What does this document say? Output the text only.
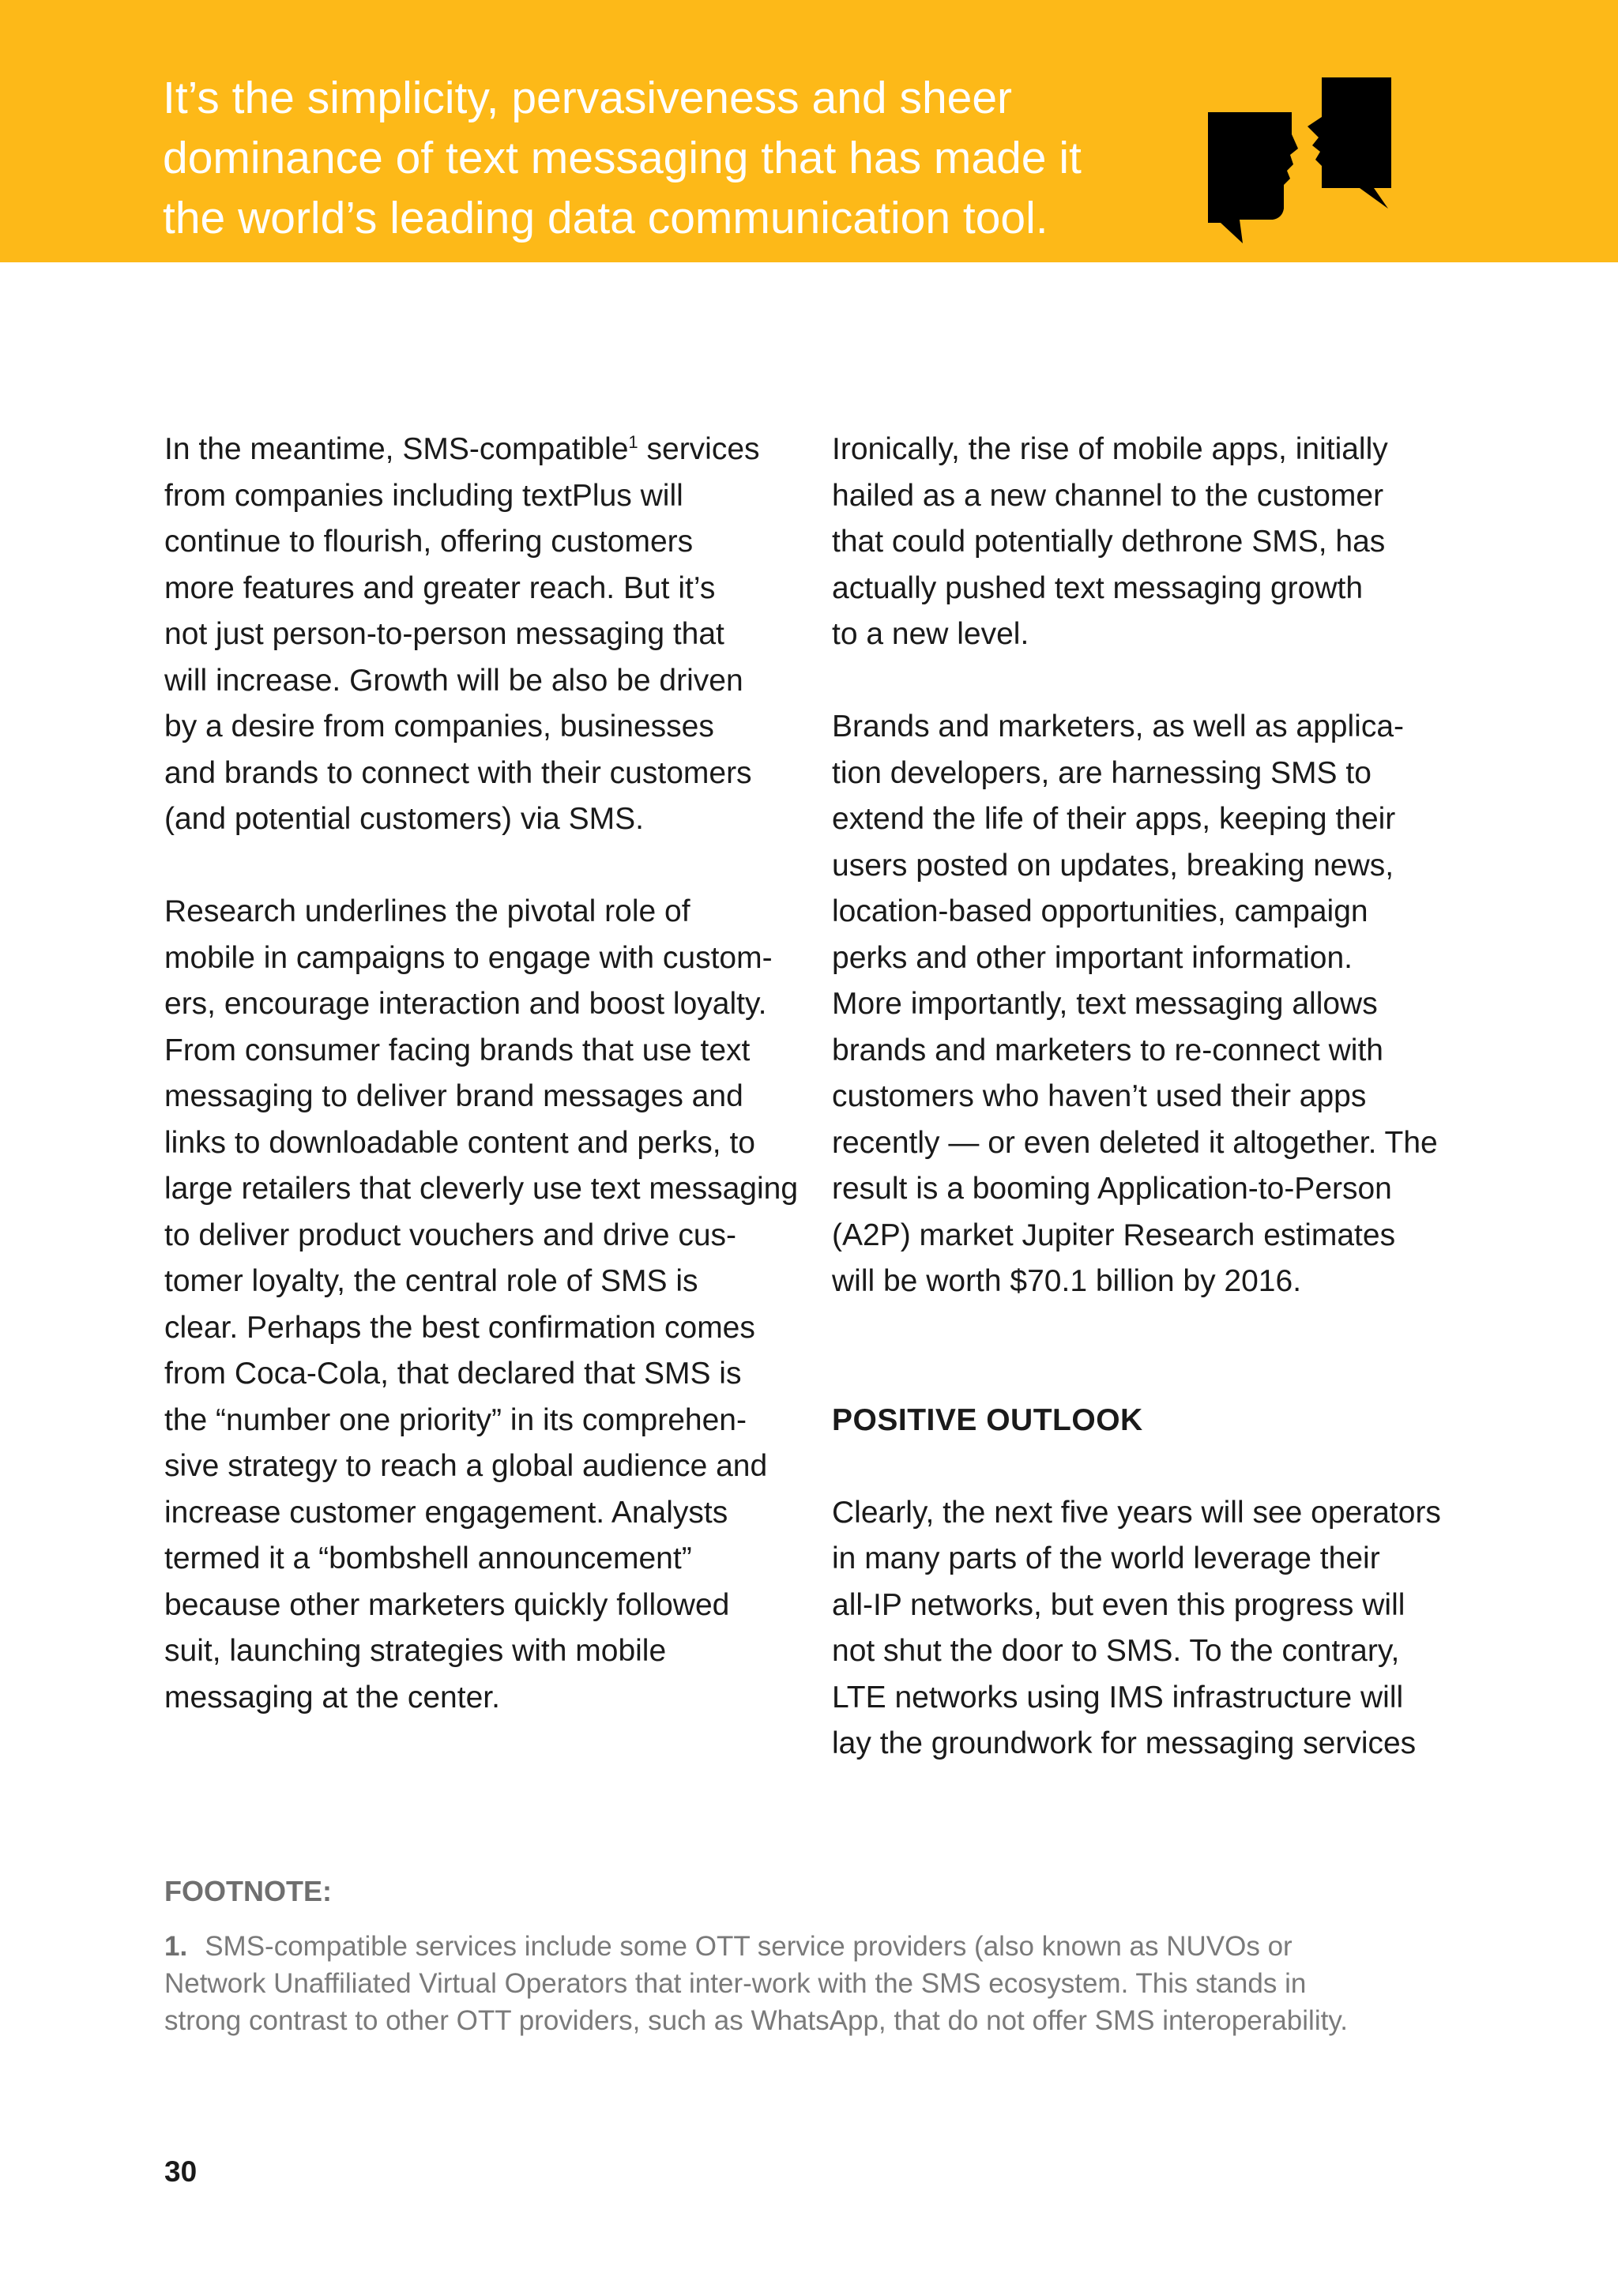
It’s the simplicity, pervasiveness and sheer
dominance of text messaging that has made it
the world’s leading data communication tool.

In the meantime, SMS-compatible$^1$ services
from companies including textPlus will
continue to flourish, offering customers
more features and greater reach. But it’s
not just person-to-person messaging that
will increase. Growth will be also be driven
by a desire from companies, businesses
and brands to connect with their customers
(and potential customers) via SMS.

Research underlines the pivotal role of
mobile in campaigns to engage with custom-
ers, encourage interaction and boost loyalty.
From consumer facing brands that use text
messaging to deliver brand messages and
links to downloadable content and perks, to
large retailers that cleverly use text messaging
to deliver product vouchers and drive cus-
tomer loyalty, the central role of SMS is
clear. Perhaps the best confirmation comes
from Coca-Cola, that declared that SMS is
the “number one priority” in its comprehen-
sive strategy to reach a global audience and
increase customer engagement. Analysts
termed it a “bombshell announcement”
because other marketers quickly followed
suit, launching strategies with mobile
messaging at the center.

Ironically, the rise of mobile apps, initially
hailed as a new channel to the customer
that could potentially dethrone SMS, has
actually pushed text messaging growth
to a new level.

Brands and marketers, as well as applica-
tion developers, are harnessing SMS to
extend the life of their apps, keeping their
users posted on updates, breaking news,
location-based opportunities, campaign
perks and other important information.
More importantly, text messaging allows
brands and marketers to re-connect with
customers who haven’t used their apps
recently — or even deleted it altogether. The
result is a booming Application-to-Person
(A2P) market Jupiter Research estimates
will be worth $70.1 billion by 2016.

POSITIVE OUTLOOK

Clearly, the next five years will see operators
in many parts of the world leverage their
all-IP networks, but even this progress will
not shut the door to SMS. To the contrary,
LTE networks using IMS infrastructure will
lay the groundwork for messaging services

FOOTNOTE:

1. SMS-compatible services include some OTT service providers (also known as NUVOs or
Network Unaffiliated Virtual Operators that inter-work with the SMS ecosystem. This stands in
strong contrast to other OTT providers, such as WhatsApp, that do not offer SMS interoperability.

30
